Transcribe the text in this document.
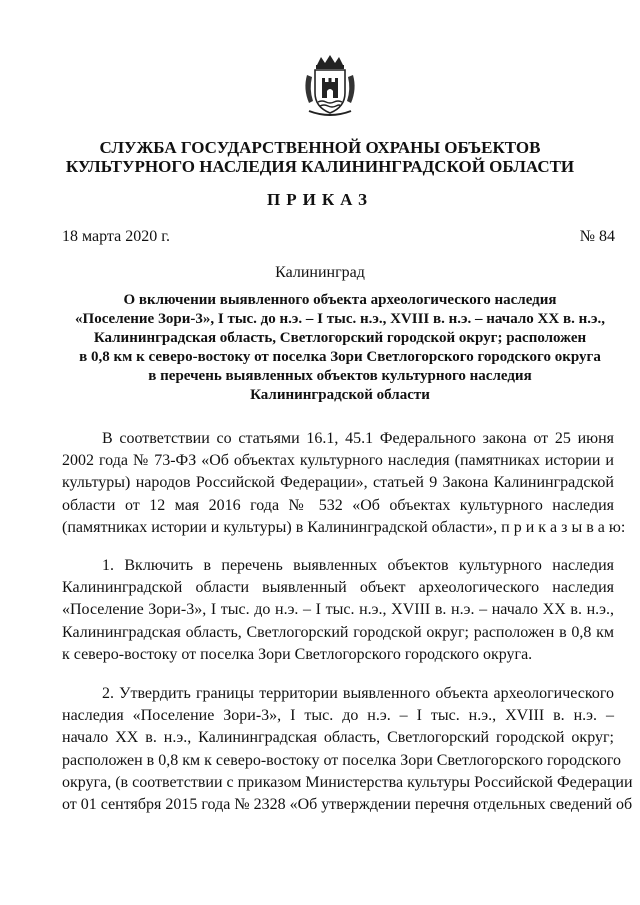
СЛУЖБА ГОСУДАРСТВЕННОЙ ОХРАНЫ ОБЪЕКТОВ
КУЛЬТУРНОГО НАСЛЕДИЯ КАЛИНИНГРАДСКОЙ ОБЛАСТИ
ПРИКАЗ
18 марта 2020 г.	№ 84
Калининград
О включении выявленного объекта археологического наследия
«Поселение Зори-3», I тыс. до н.э. – I тыс. н.э., XVIII в. н.э. – начало XX в. н.э.,
Калининградская область, Светлогорский городской округ; расположен
в 0,8 км к северо-востоку от поселка Зори Светлогорского городского округа
в перечень выявленных объектов культурного наследия
Калининградской области
В соответствии со статьями 16.1, 45.1 Федерального закона от 25 июня
2002 года № 73-ФЗ «Об объектах культурного наследия (памятниках истории и
культуры) народов Российской Федерации», статьей 9 Закона Калининградской
области от 12 мая 2016 года № 532 «Об объектах культурного наследия
(памятниках истории и культуры) в Калининградской области», п р и к а з ы в а ю:
1. Включить в перечень выявленных объектов культурного наследия
Калининградской области выявленный объект археологического наследия
«Поселение Зори-3», I тыс. до н.э. – I тыс. н.э., XVIII в. н.э. – начало XX в. н.э.,
Калининградская область, Светлогорский городской округ; расположен в 0,8 км
к северо-востоку от поселка Зори Светлогорского городского округа.
2. Утвердить границы территории выявленного объекта археологического
наследия «Поселение Зори-3», I тыс. до н.э. – I тыс. н.э., XVIII в. н.э. –
начало XX в. н.э., Калининградская область, Светлогорский городской округ;
расположен в 0,8 км к северо-востоку от поселка Зори Светлогорского городского
округа, (в соответствии с приказом Министерства культуры Российской Федерации
от 01 сентября 2015 года № 2328 «Об утверждении перечня отдельных сведений об
